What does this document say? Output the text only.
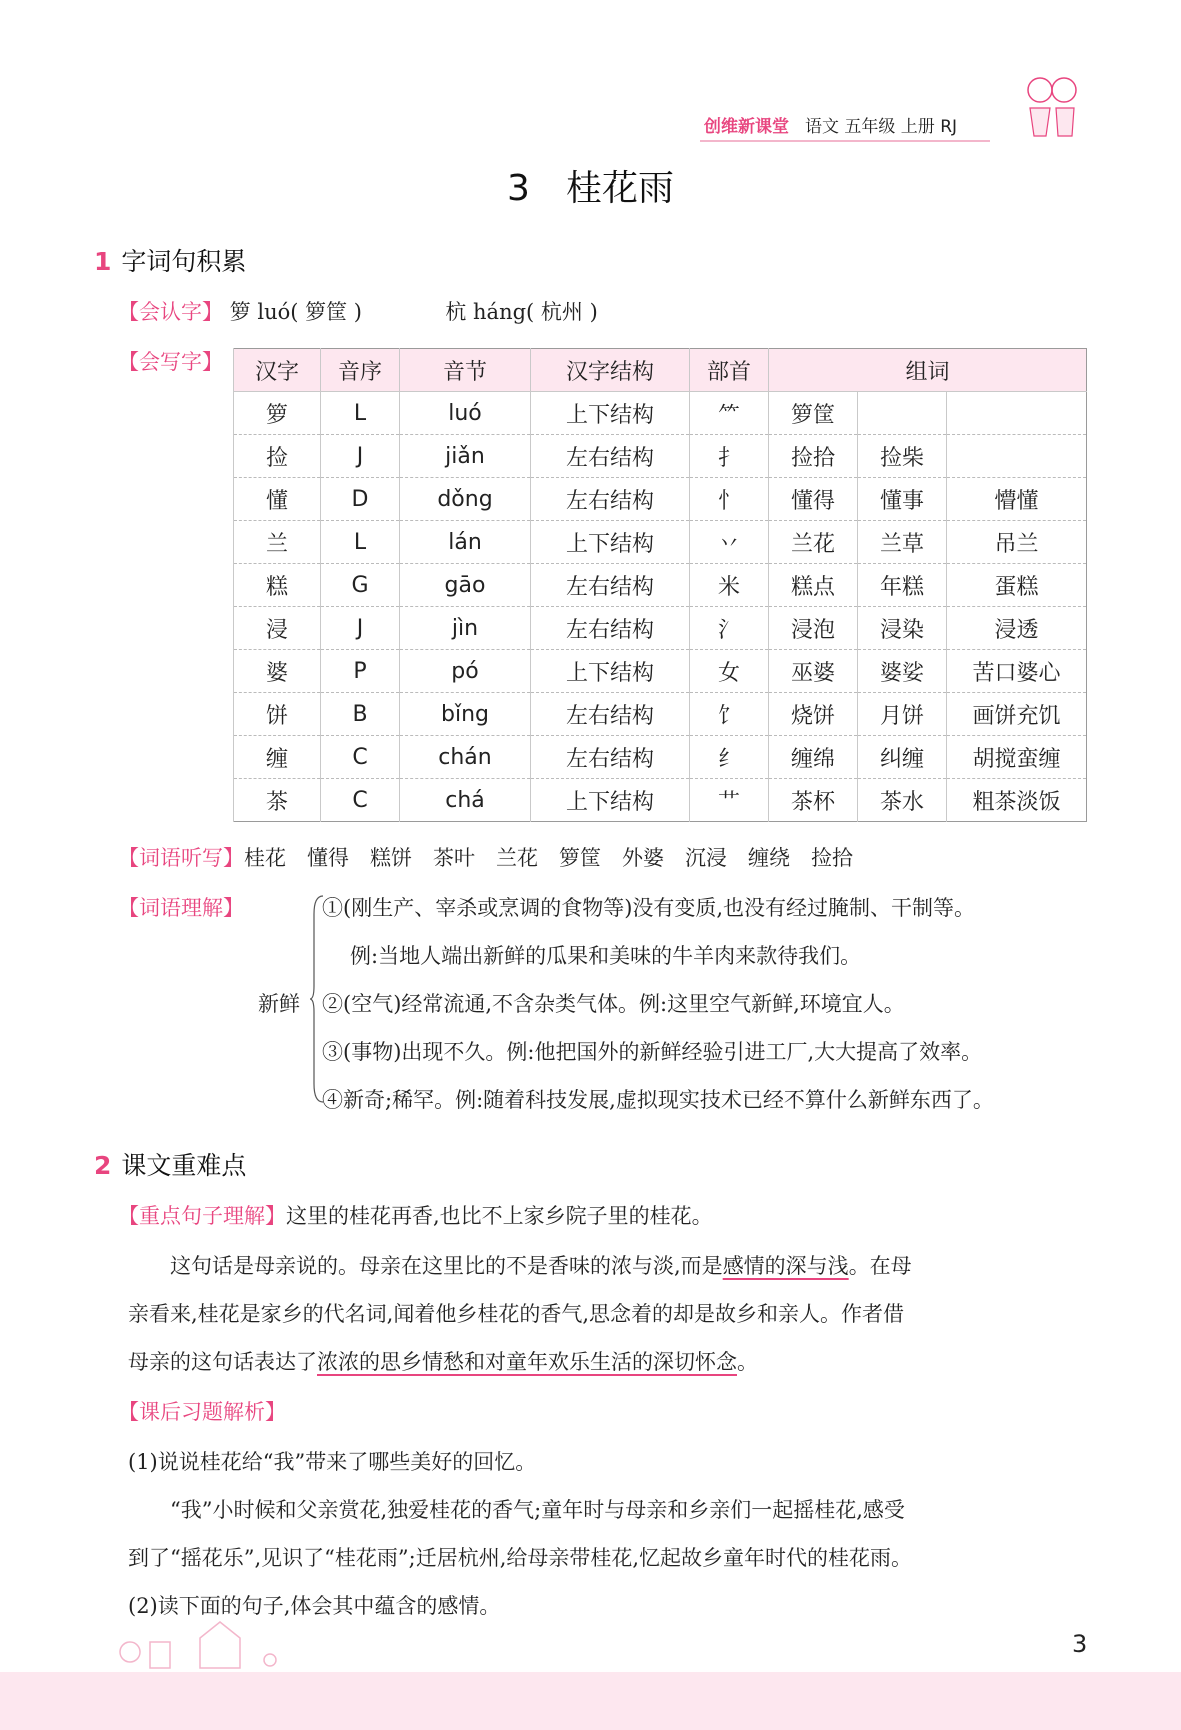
创维新课堂 语文 五年级 上册 RJ
3　桂花雨
1 字词句积累
【会认字】 箩 luó( 箩筐 )	杭 háng( 杭州 )
【会写字】 汉字	音序	音节	汉字结构	部首	组词		
箩	L	luó	上下结构	⺮	箩筐		
捡	J	jiǎn	左右结构	扌	捡拾	捡柴	
懂	D	dǒng	左右结构	忄	懂得	懂事	懵懂
兰	L	lán	上下结构	丷	兰花	兰草	吊兰
糕	G	gāo	左右结构	米	糕点	年糕	蛋糕
浸	J	jìn	左右结构	氵	浸泡	浸染	浸透
婆	P	pó	上下结构	女	巫婆	婆娑	苦口婆心
饼	B	bǐng	左右结构	饣	烧饼	月饼	画饼充饥
缠	C	chán	左右结构	纟	缠绵	纠缠	胡搅蛮缠
茶	C	chá	上下结构	艹	茶杯	茶水	粗茶淡饭
【词语听写】桂花　懂得　糕饼　茶叶　兰花　箩筐　外婆　沉浸　缠绕　捡拾
【词语理解】
新鲜
①(刚生产、宰杀或烹调的食物等)没有变质,也没有经过腌制、干制等。
例:当地人端出新鲜的瓜果和美味的牛羊肉来款待我们。
②(空气)经常流通,不含杂类气体。例:这里空气新鲜,环境宜人。
③(事物)出现不久。例:他把国外的新鲜经验引进工厂,大大提高了效率。
④新奇;稀罕。例:随着科技发展,虚拟现实技术已经不算什么新鲜东西了。
2 课文重难点
【重点句子理解】这里的桂花再香,也比不上家乡院子里的桂花。
　　这句话是母亲说的。母亲在这里比的不是香味的浓与淡,而是感情的深与浅。在母
亲看来,桂花是家乡的代名词,闻着他乡桂花的香气,思念着的却是故乡和亲人。作者借
母亲的这句话表达了浓浓的思乡情愁和对童年欢乐生活的深切怀念。
【课后习题解析】
(1)说说桂花给“我”带来了哪些美好的回忆。
　　“我”小时候和父亲赏花,独爱桂花的香气;童年时与母亲和乡亲们一起摇桂花,感受
到了“摇花乐”,见识了“桂花雨”;迁居杭州,给母亲带桂花,忆起故乡童年时代的桂花雨。
(2)读下面的句子,体会其中蕴含的感情。
3
